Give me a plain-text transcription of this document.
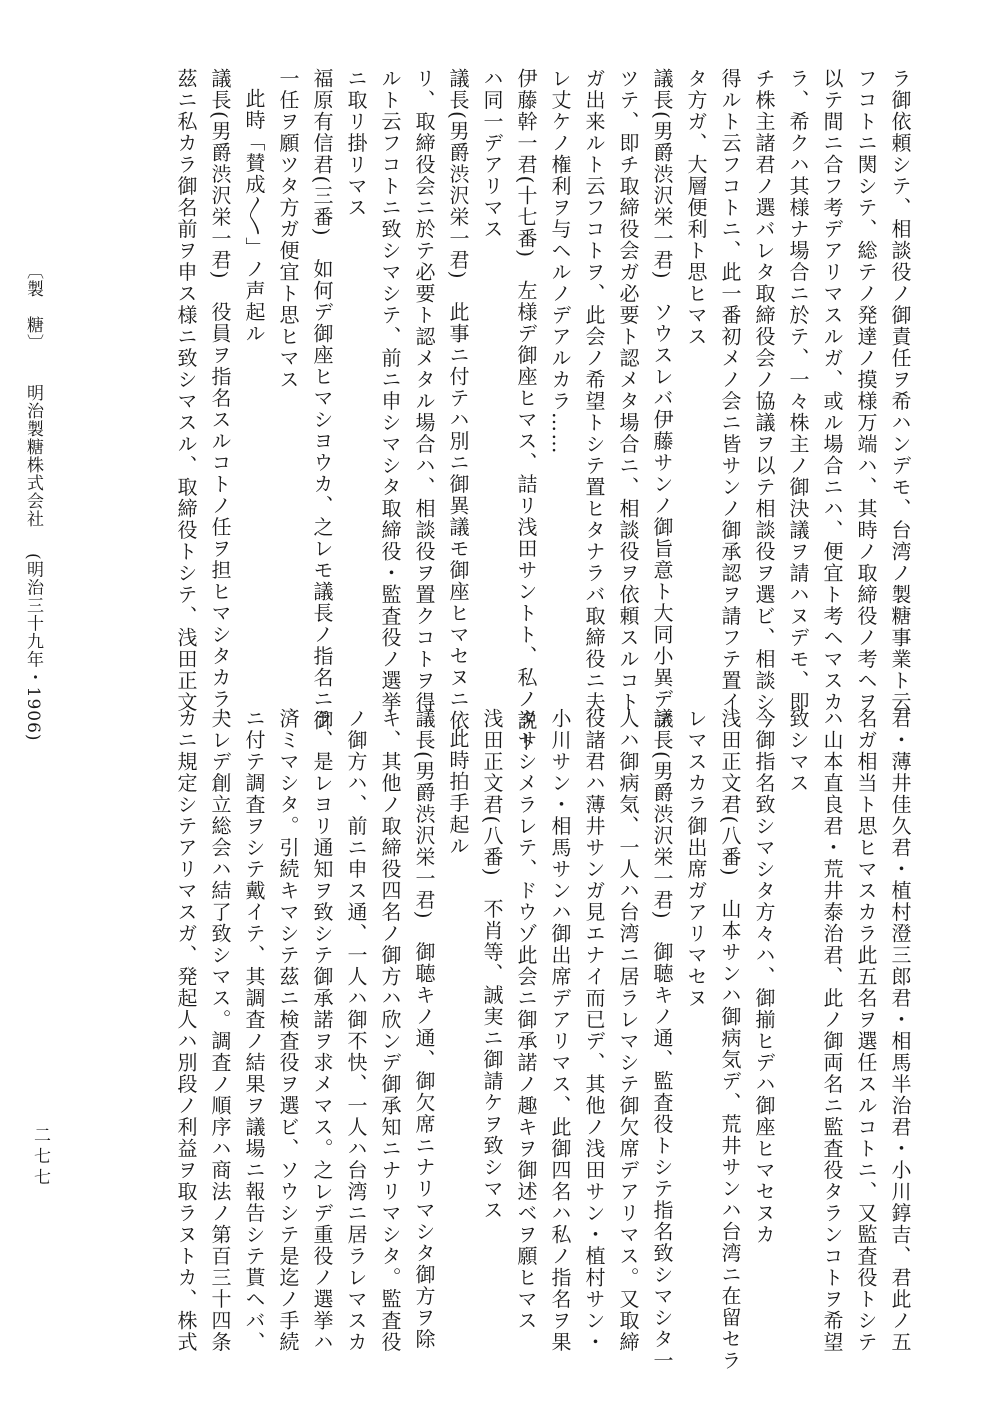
ラ御依頼シテ、相談役ノ御責任ヲ希ハンデモ、台湾ノ製糖事業ト云

フコトニ関シテ、総テノ発達ノ摸様万端ハ、其時ノ取締役ノ考ヘヲ

以テ間ニ合フ考デアリマスルガ、或ル場合ニハ、便宜ト考ヘマスカ

ラ、希クハ其様ナ場合ニ於テ、一々株主ノ御決議ヲ請ハヌデモ、即

チ株主諸君ノ選バレタ取締役会ノ協議ヲ以テ相談役ヲ選ビ、相談シ

得ルト云フコトニ、此一番初メノ会ニ皆サンノ御承認ヲ請フテ置イ

タ方ガ、大層便利ト思ヒマス

議長(男爵渋沢栄一君)　ソウスレバ伊藤サンノ御旨意ト大同小異デア

ツテ、即チ取締役会ガ必要ト認メタ場合ニ、相談役ヲ依頼スルコト

ガ出来ルト云フコトヲ、此会ノ希望トシテ置ヒタナラバ取締役ニ夫

レ丈ケノ権利ヲ与ヘルノデアルカラ……

伊藤幹一君(十七番)　左様デ御座ヒマス、詰リ浅田サントト、私ノ説ト

ハ同一デアリマス

議長(男爵渋沢栄一君)　此事ニ付テハ別ニ御異議モ御座ヒマセヌニ依

リ、取締役会ニ於テ必要ト認メタル場合ハ、相談役ヲ置クコトヲ得

ルト云フコトニ致シマシテ、前ニ申シマシタ取締役・監査役ノ選挙

ニ取リ掛リマス

福原有信君(三番)　如何デ御座ヒマシヨウカ、之レモ議長ノ指名ニ御

一任ヲ願ツタ方ガ便宜ト思ヒマス

此時「賛成〳〵」ノ声起ル

議長(男爵渋沢栄一君)　役員ヲ指名スルコトノ任ヲ担ヒマシタカラ、

茲ニ私カラ御名前ヲ申ス様ニ致シマスル、取締役トシテ、浅田正文

君・薄井佳久君・植村澄三郎君・相馬半治君・小川錞吉、君此ノ五

名ガ相当ト思ヒマスカラ此五名ヲ選任スルコトニ、又監査役トシテ

ハ山本直良君・荒井泰治君、此ノ御両名ニ監査役タランコトヲ希望

致シマス

今御指名致シマシタ方々ハ、御揃ヒデハ御座ヒマセヌカ

浅田正文君(八番)　山本サンハ御病気デ、荒井サンハ台湾ニ在留セラ

レマスカラ御出席ガアリマセヌ

議長(男爵渋沢栄一君)　御聴キノ通、監査役トシテ指名致シマシタ一

人ハ御病気、一人ハ台湾ニ居ラレマシテ御欠席デアリマス。又取締

役諸君ハ薄井サンガ見エナイ而已デ、其他ノ浅田サン・植村サン・

小川サン・相馬サンハ御出席デアリマス、此御四名ハ私ノ指名ヲ果

タサシメラレテ、ドウゾ此会ニ御承諾ノ趣キヲ御述ベヲ願ヒマス

浅田正文君(八番)　不肖等、誠実ニ御請ケヲ致シマス

此時拍手起ル

議長(男爵渋沢栄一君)　御聴キノ通、御欠席ニナリマシタ御方ヲ除

キ、其他ノ取締役四名ノ御方ハ欣ンデ御承知ニナリマシタ。監査役

ノ御方ハ、前ニ申ス通、一人ハ御不快、一人ハ台湾ニ居ラレマスカ

ラ、是レヨリ通知ヲ致シテ御承諾ヲ求メマス。之レデ重役ノ選挙ハ

済ミマシタ。引続キマシテ茲ニ検査役ヲ選ビ、ソウシテ是迄ノ手続

ニ付テ調査ヲシテ戴イテ、其調査ノ結果ヲ議場ニ報告シテ貰ヘバ、

夫レデ創立総会ハ結了致シマス。調査ノ順序ハ商法ノ第百三十四条

カニ規定シテアリマスガ、発起人ハ別段ノ利益ヲ取ラヌトカ、株式

〔製　糖〕 明治製糖株式会社 (明治三十九年・1906)
二七七
